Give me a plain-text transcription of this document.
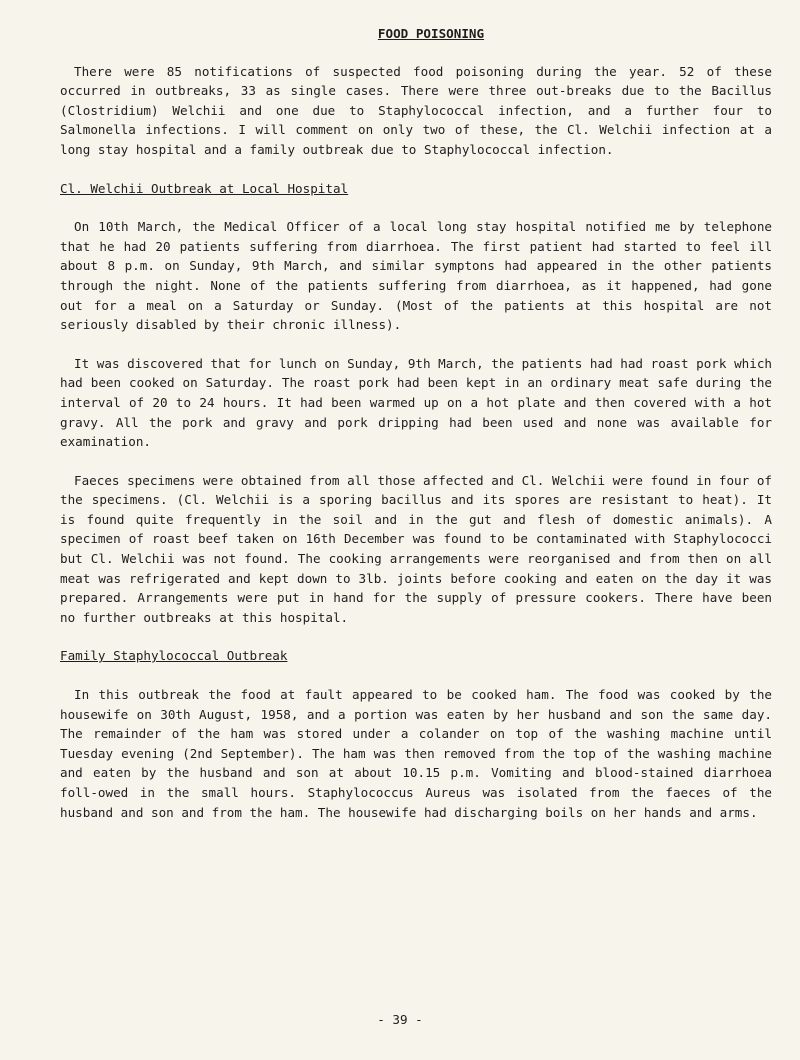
FOOD POISONING

There were 85 notifications of suspected food poisoning during the year. 52 of these occurred in outbreaks, 33 as single cases. There were three out-breaks due to the Bacillus (Clostridium) Welchii and one due to Staphylococcal infection, and a further four to Salmonella infections. I will comment on only two of these, the Cl. Welchii infection at a long stay hospital and a family outbreak due to Staphylococcal infection.

Cl. Welchii Outbreak at Local Hospital

On 10th March, the Medical Officer of a local long stay hospital notified me by telephone that he had 20 patients suffering from diarrhoea. The first patient had started to feel ill about 8 p.m. on Sunday, 9th March, and similar symptons had appeared in the other patients through the night. None of the patients suffering from diarrhoea, as it happened, had gone out for a meal on a Saturday or Sunday. (Most of the patients at this hospital are not seriously disabled by their chronic illness).

It was discovered that for lunch on Sunday, 9th March, the patients had had roast pork which had been cooked on Saturday. The roast pork had been kept in an ordinary meat safe during the interval of 20 to 24 hours. It had been warmed up on a hot plate and then covered with a hot gravy. All the pork and gravy and pork dripping had been used and none was available for examination.

Faeces specimens were obtained from all those affected and Cl. Welchii were found in four of the specimens. (Cl. Welchii is a sporing bacillus and its spores are resistant to heat). It is found quite frequently in the soil and in the gut and flesh of domestic animals). A specimen of roast beef taken on 16th December was found to be contaminated with Staphylococci but Cl. Welchii was not found. The cooking arrangements were reorganised and from then on all meat was refrigerated and kept down to 3lb. joints before cooking and eaten on the day it was prepared. Arrangements were put in hand for the supply of pressure cookers. There have been no further outbreaks at this hospital.

Family Staphylococcal Outbreak

In this outbreak the food at fault appeared to be cooked ham. The food was cooked by the housewife on 30th August, 1958, and a portion was eaten by her husband and son the same day. The remainder of the ham was stored under a colander on top of the washing machine until Tuesday evening (2nd September). The ham was then removed from the top of the washing machine and eaten by the husband and son at about 10.15 p.m. Vomiting and blood-stained diarrhoea foll-owed in the small hours. Staphylococcus Aureus was isolated from the faeces of the husband and son and from the ham. The housewife had discharging boils on her hands and arms.

- 39 -
